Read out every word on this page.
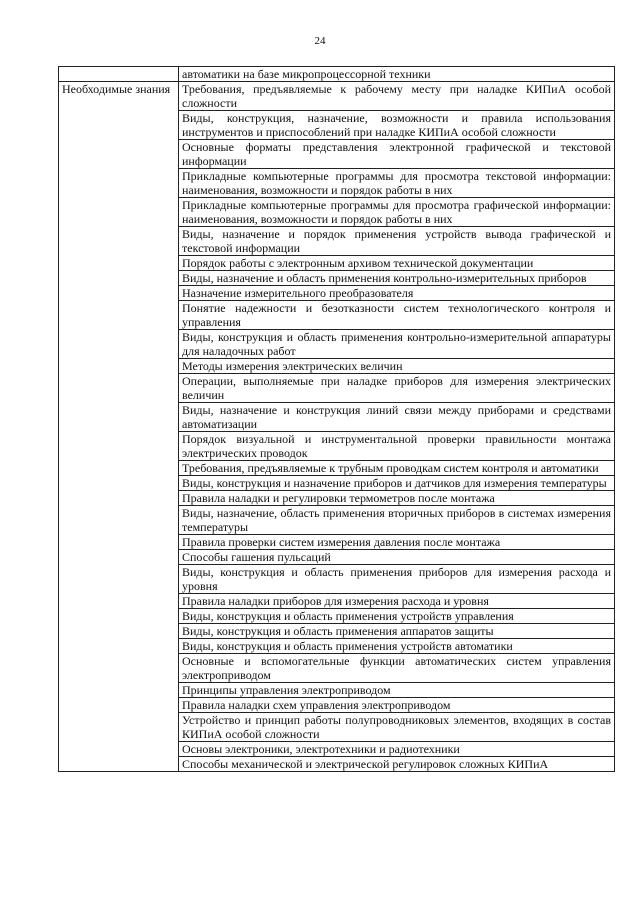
24
	автоматики на базе микропроцессорной техники
Необходимые знания	Требования, предъявляемые к рабочему месту при наладке КИПиА особой сложности
	Виды, конструкция, назначение, возможности и правила использования инструментов и приспособлений при наладке КИПиА особой сложности
	Основные форматы представления электронной графической и текстовой информации
	Прикладные компьютерные программы для просмотра текстовой информации: наименования, возможности и порядок работы в них
	Прикладные компьютерные программы для просмотра графической информации: наименования, возможности и порядок работы в них
	Виды, назначение и порядок применения устройств вывода графической и текстовой информации
	Порядок работы с электронным архивом технической документации
	Виды, назначение и область применения контрольно-измерительных приборов
	Назначение измерительного преобразователя
	Понятие надежности и безотказности систем технологического контроля и управления
	Виды, конструкция и область применения контрольно-измерительной аппаратуры для наладочных работ
	Методы измерения электрических величин
	Операции, выполняемые при наладке приборов для измерения электрических величин
	Виды, назначение и конструкция линий связи между приборами и средствами автоматизации
	Порядок визуальной и инструментальной проверки правильности монтажа электрических проводок
	Требования, предъявляемые к трубным проводкам систем контроля и автоматики
	Виды, конструкция и назначение приборов и датчиков для измерения температуры
	Правила наладки и регулировки термометров после монтажа
	Виды, назначение, область применения вторичных приборов в системах измерения температуры
	Правила проверки систем измерения давления после монтажа
	Способы гашения пульсаций
	Виды, конструкция и область применения приборов для измерения расхода и уровня
	Правила наладки приборов для измерения расхода и уровня
	Виды, конструкция и область применения устройств управления
	Виды, конструкция и область применения аппаратов защиты
	Виды, конструкция и область применения устройств автоматики
	Основные и вспомогательные функции автоматических систем управления электроприводом
	Принципы управления электроприводом
	Правила наладки схем управления электроприводом
	Устройство и принцип работы полупроводниковых элементов, входящих в состав КИПиА особой сложности
	Основы электроники, электротехники и радиотехники
	Способы механической и электрической регулировок сложных КИПиА
